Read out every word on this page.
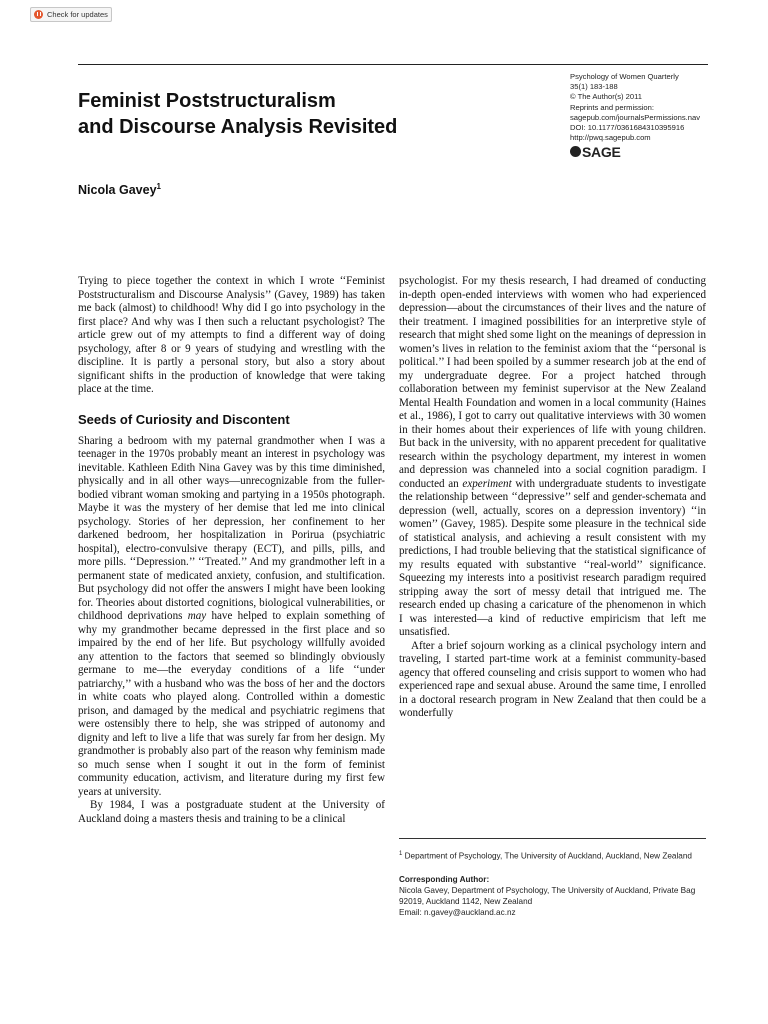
Check for updates
Psychology of Women Quarterly
35(1) 183-188
© The Author(s) 2011
Reprints and permission:
sagepub.com/journalsPermissions.nav
DOI: 10.1177/0361684310395916
http://pwq.sagepub.com
SAGE
Feminist Poststructuralism
and Discourse Analysis Revisited
Nicola Gavey$^1$

Trying to piece together the context in which I wrote ‘‘Feminist Poststructuralism and Discourse Analysis’’ (Gavey, 1989) has taken me back (almost) to childhood! Why did I go into psychology in the first place? And why was I then such a reluctant psychologist? The article grew out of my attempts to find a different way of doing psychology, after 8 or 9 years of studying and wrestling with the discipline. It is partly a personal story, but also a story about significant shifts in the production of knowledge that were taking place at the time.

Seeds of Curiosity and Discontent

Sharing a bedroom with my paternal grandmother when I was a teenager in the 1970s probably meant an interest in psychology was inevitable. Kathleen Edith Nina Gavey was by this time diminished, physically and in all other ways—unrecognizable from the fuller-bodied vibrant woman smoking and partying in a 1950s photograph. Maybe it was the mystery of her demise that led me into clinical psychology. Stories of her depression, her confinement to her darkened bedroom, her hospitalization in Porirua (psychiatric hospital), electro-convulsive therapy (ECT), and pills, pills, and more pills. ‘‘Depression.’’ ‘‘Treated.’’ And my grandmother left in a permanent state of medicated anxiety, confusion, and stultification. But psychology did not offer the answers I might have been looking for. Theories about distorted cognitions, biological vulnerabilities, or childhood deprivations may have helped to explain something of why my grandmother became depressed in the first place and so impaired by the end of her life. But psychology willfully avoided any attention to the factors that seemed so blindingly obviously germane to me—the everyday conditions of a life ‘‘under patriarchy,’’ with a husband who was the boss of her and the doctors in white coats who played along. Controlled within a domestic prison, and damaged by the medical and psychiatric regimens that were ostensibly there to help, she was stripped of autonomy and dignity and left to live a life that was surely far from her design. My grandmother is probably also part of the reason why feminism made so much sense when I sought it out in the form of feminist community education, activism, and literature during my first few years at university.

By 1984, I was a postgraduate student at the University of Auckland doing a masters thesis and training to be a clinical

psychologist. For my thesis research, I had dreamed of conducting in-depth open-ended interviews with women who had experienced depression—about the circumstances of their lives and the nature of their treatment. I imagined possibilities for an interpretive style of research that might shed some light on the meanings of depression in women’s lives in relation to the feminist axiom that the ‘‘personal is political.’’ I had been spoiled by a summer research job at the end of my undergraduate degree. For a project hatched through collaboration between my feminist supervisor at the New Zealand Mental Health Foundation and women in a local community (Haines et al., 1986), I got to carry out qualitative interviews with 30 women in their homes about their experiences of life with young children. But back in the university, with no apparent precedent for qualitative research within the psychology department, my interest in women and depression was channeled into a social cognition paradigm. I conducted an experiment with undergraduate students to investigate the relationship between ‘‘depressive’’ self and gender-schemata and depression (well, actually, scores on a depression inventory) ‘‘in women’’ (Gavey, 1985). Despite some pleasure in the technical side of statistical analysis, and achieving a result consistent with my predictions, I had trouble believing that the statistical significance of my results equated with substantive ‘‘real-world’’ significance. Squeezing my interests into a positivist research paradigm required stripping away the sort of messy detail that intrigued me. The research ended up chasing a caricature of the phenomenon in which I was interested—a kind of reductive empiricism that left me unsatisfied.

After a brief sojourn working as a clinical psychology intern and traveling, I started part-time work at a feminist community-based agency that offered counseling and crisis support to women who had experienced rape and sexual abuse. Around the same time, I enrolled in a doctoral research program in New Zealand that then could be a wonderfully

$^1$ Department of Psychology, The University of Auckland, Auckland, New Zealand
Corresponding Author:
Nicola Gavey, Department of Psychology, The University of Auckland, Private Bag 92019, Auckland 1142, New Zealand
Email: n.gavey@auckland.ac.nz
